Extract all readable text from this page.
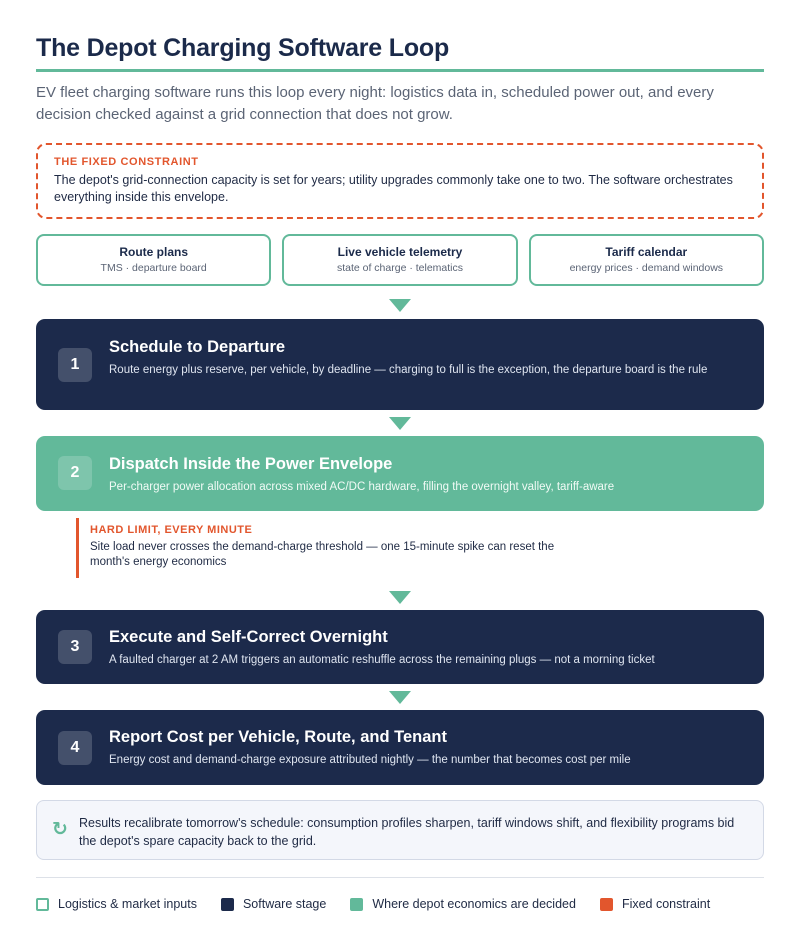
The Depot Charging Software Loop
EV fleet charging software runs this loop every night: logistics data in, scheduled power out, and every decision checked against a grid connection that does not grow.
THE FIXED CONSTRAINT
The depot's grid-connection capacity is set for years; utility upgrades commonly take one to two. The software orchestrates everything inside this envelope.
Route plans
TMS · departure board
Live vehicle telemetry
state of charge · telematics
Tariff calendar
energy prices · demand windows
1
Schedule to Departure
Route energy plus reserve, per vehicle, by deadline — charging to full is the exception, the departure board is the rule
2	Dispatch Inside the Power Envelope
Per-charger power allocation across mixed AC/DC hardware, filling the overnight valley, tariff-aware
HARD LIMIT, EVERY MINUTE
Site load never crosses the demand-charge threshold — one 15-minute spike can reset the month's energy economics
3
Execute and Self-Correct Overnight
A faulted charger at 2 AM triggers an automatic reshuffle across the remaining plugs — not a morning ticket
4
Report Cost per Vehicle, Route, and Tenant
Energy cost and demand-charge exposure attributed nightly — the number that becomes cost per mile
↻ Results recalibrate tomorrow's schedule: consumption profiles sharpen, tariff windows shift, and flexibility programs bid the depot's spare capacity back to the grid.
Logistics & market inputs	Software stage	Where depot economics are decided	Fixed constraint
